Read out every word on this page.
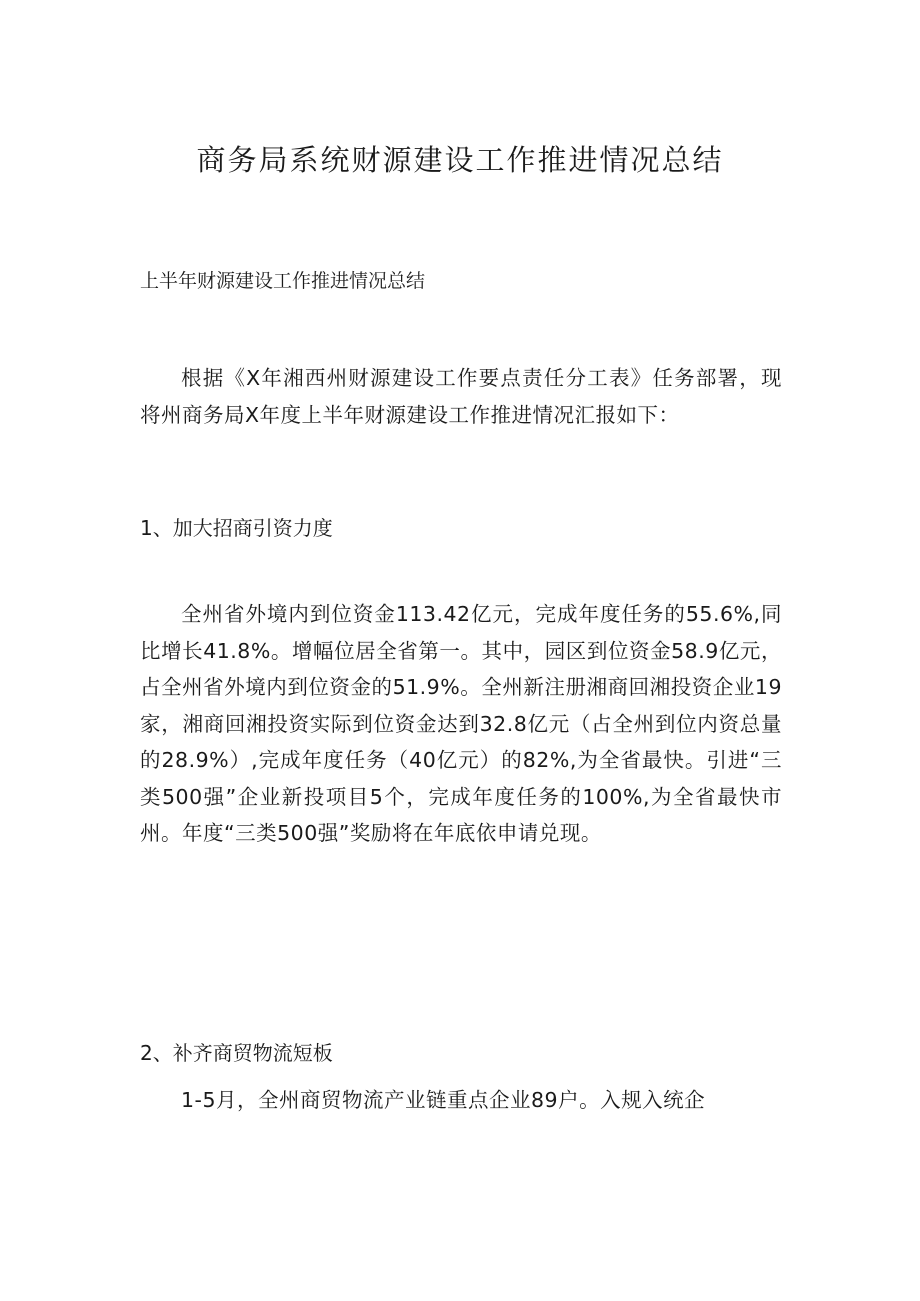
商务局系统财源建设工作推进情况总结

上半年财源建设工作推进情况总结

根据《X年湘西州财源建设工作要点责任分工表》任务部署，现将州商务局X年度上半年财源建设工作推进情况汇报如下：

1、加大招商引资力度

全州省外境内到位资金113.42亿元，完成年度任务的55.6%,同比增长41.8%。增幅位居全省第一。其中，园区到位资金58.9亿元，占全州省外境内到位资金的51.9%。全州新注册湘商回湘投资企业19家，湘商回湘投资实际到位资金达到32.8亿元（占全州到位内资总量的28.9%）,完成年度任务（40亿元）的82%,为全省最快。引进“三类500强”企业新投项目5个，完成年度任务的100%,为全省最快市州。年度“三类500强”奖励将在年底依申请兑现。

2、补齐商贸物流短板

1-5月，全州商贸物流产业链重点企业89户。入规入统企
